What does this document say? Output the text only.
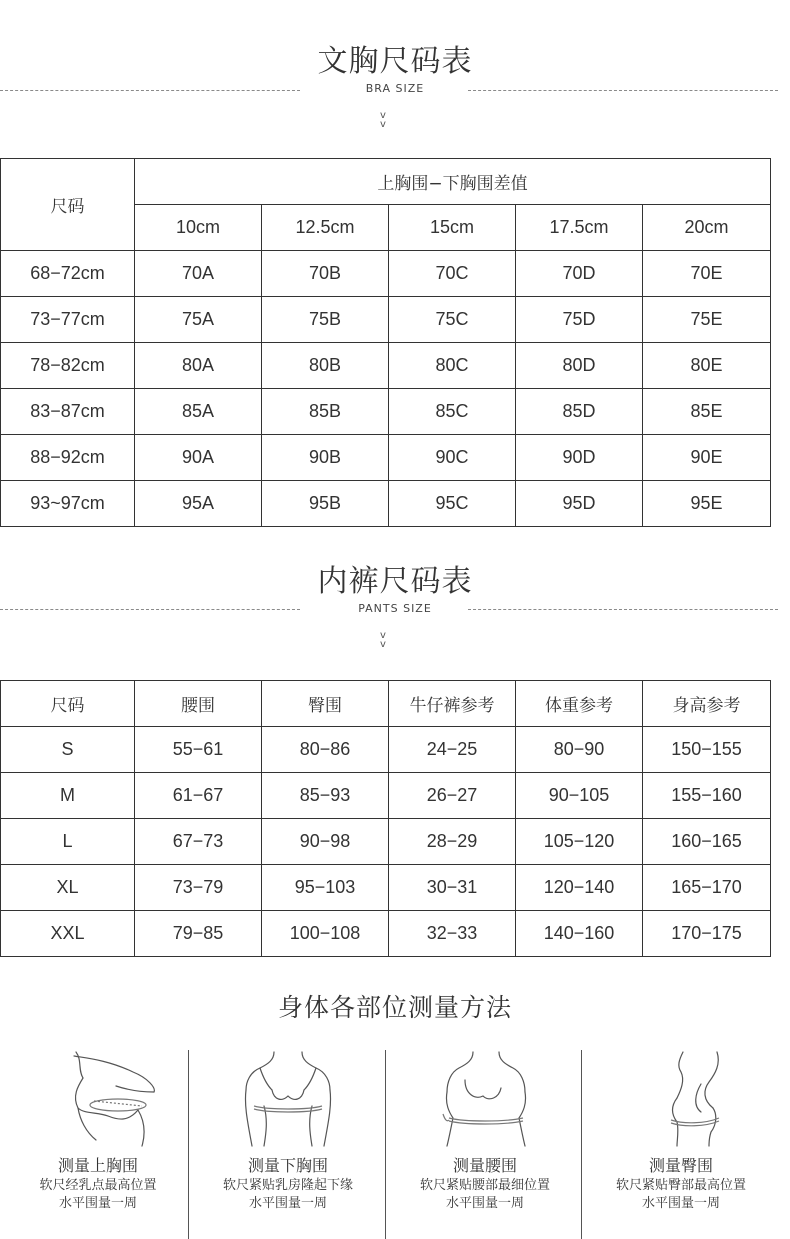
文胸尺码表
BRA SIZE
v
v
尺码	上胸围−下胸围差值				
	10cm	12.5cm	15cm	17.5cm	20cm
68−72cm	70A	70B	70C	70D	70E
73−77cm	75A	75B	75C	75D	75E
78−82cm	80A	80B	80C	80D	80E
83−87cm	85A	85B	85C	85D	85E
88−92cm	90A	90B	90C	90D	90E
93~97cm	95A	95B	95C	95D	95E
内裤尺码表
PANTS SIZE
v
v
尺码	腰围	臀围	牛仔裤参考	体重参考	身高参考
S	55−61	80−86	24−25	80−90	150−155
M	61−67	85−93	26−27	90−105	155−160
L	67−73	90−98	28−29	105−120	160−165
XL	73−79	95−103	30−31	120−140	165−170
XXL	79−85	100−108	32−33	140−160	170−175
身体各部位测量方法
测量上胸围
软尺经乳点最高位置
水平围量一周
测量下胸围
软尺紧贴乳房隆起下缘
水平围量一周
测量腰围
软尺紧贴腰部最细位置
水平围量一周
测量臀围
软尺紧贴臀部最高位置
水平围量一周
